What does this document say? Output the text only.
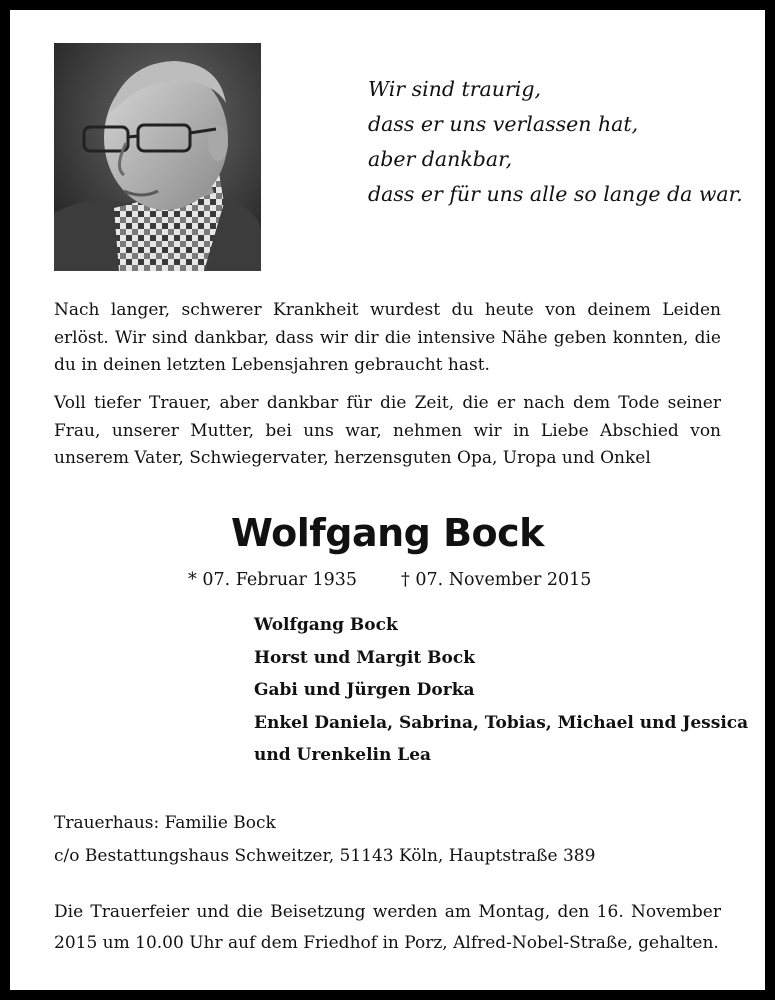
Wir sind traurig,
dass er uns verlassen hat,
aber dankbar,
dass er für uns alle so lange da war.
Nach langer, schwerer Krankheit wurdest du heute von deinem Leiden erlöst. Wir sind dankbar, dass wir dir die intensive Nähe geben konnten, die du in deinen letzten Lebensjahren gebraucht hast.
Voll tiefer Trauer, aber dankbar für die Zeit, die er nach dem Tode seiner Frau, unserer Mutter, bei uns war, nehmen wir in Liebe Abschied von unserem Vater, Schwiegervater, herzensguten Opa, Uropa und Onkel
Wolfgang Bock
* 07. Februar 1935	† 07. November 2015
Wolfgang Bock
Horst und Margit Bock
Gabi und Jürgen Dorka
Enkel Daniela, Sabrina, Tobias, Michael und Jessica
und Urenkelin Lea
Trauerhaus: Familie Bock
c/o Bestattungshaus Schweitzer, 51143 Köln, Hauptstraße 389
Die Trauerfeier und die Beisetzung werden am Montag, den 16. November 2015 um 10.00 Uhr auf dem Friedhof in Porz, Alfred-Nobel-Straße, gehalten.
